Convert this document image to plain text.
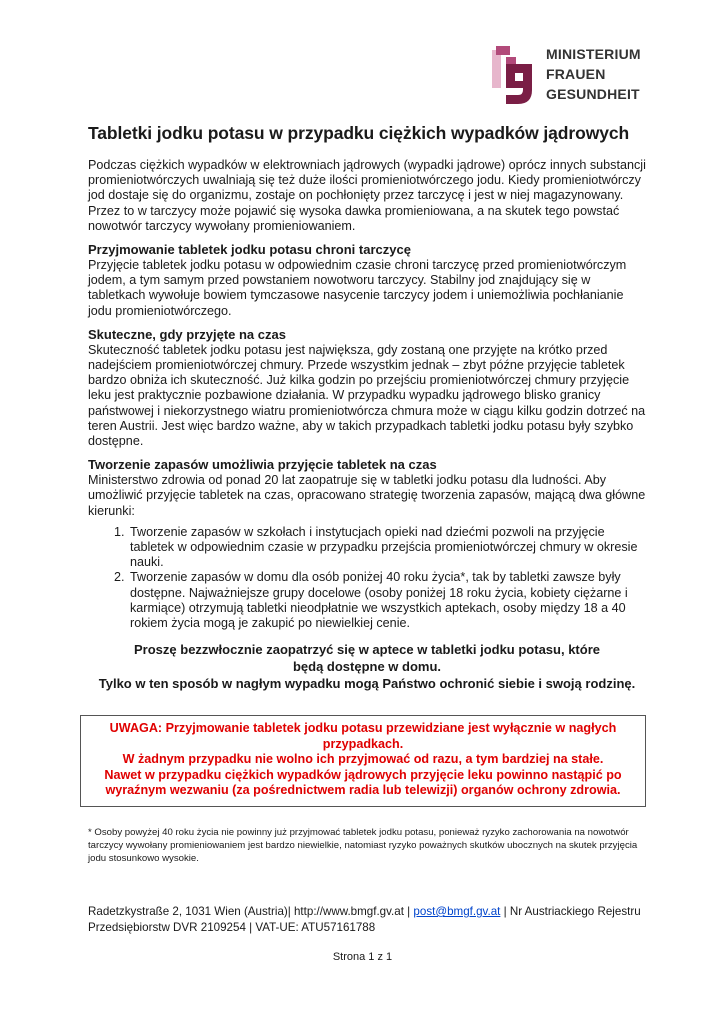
MINISTERIUM
FRAUEN
GESUNDHEIT
Tabletki jodku potasu w przypadku ciężkich wypadków jądrowych

Podczas ciężkich wypadków w elektrowniach jądrowych (wypadki jądrowe) oprócz innych substancji promieniotwórczych uwalniają się też duże ilości promieniotwórczego jodu. Kiedy promieniotwórczy jod dostaje się do organizmu, zostaje on pochłonięty przez tarczycę i jest w niej magazynowany. Przez to w tarczycy może pojawić się wysoka dawka promieniowana, a na skutek tego powstać nowotwór tarczycy wywołany promieniowaniem.

Przyjmowanie tabletek jodku potasu chroni tarczycę

Przyjęcie tabletek jodku potasu w odpowiednim czasie chroni tarczycę przed promieniotwórczym jodem, a tym samym przed powstaniem nowotworu tarczycy. Stabilny jod znajdujący się w tabletkach wywołuje bowiem tymczasowe nasycenie tarczycy jodem i uniemożliwia pochłanianie jodu promieniotwórczego.

Skuteczne, gdy przyjęte na czas

Skuteczność tabletek jodku potasu jest największa, gdy zostaną one przyjęte na krótko przed nadejściem promieniotwórczej chmury. Przede wszystkim jednak – zbyt późne przyjęcie tabletek bardzo obniża ich skuteczność. Już kilka godzin po przejściu promieniotwórczej chmury przyjęcie leku jest praktycznie pozbawione działania. W przypadku wypadku jądrowego blisko granicy państwowej i niekorzystnego wiatru promieniotwórcza chmura może w ciągu kilku godzin dotrzeć na teren Austrii. Jest więc bardzo ważne, aby w takich przypadkach tabletki jodku potasu były szybko dostępne.

Tworzenie zapasów umożliwia przyjęcie tabletek na czas

Ministerstwo zdrowia od ponad 20 lat zaopatruje się w tabletki jodku potasu dla ludności. Aby umożliwić przyjęcie tabletek na czas, opracowano strategię tworzenia zapasów, mającą dwa główne kierunki:

1. Tworzenie zapasów w szkołach i instytucjach opieki nad dziećmi pozwoli na przyjęcie tabletek w odpowiednim czasie w przypadku przejścia promieniotwórczej chmury w okresie nauki.
2. Tworzenie zapasów w domu dla osób poniżej 40 roku życia*, tak by tabletki zawsze były dostępne. Najważniejsze grupy docelowe (osoby poniżej 18 roku życia, kobiety ciężarne i karmiące) otrzymują tabletki nieodpłatnie we wszystkich aptekach, osoby między 18 a 40 rokiem życia mogą je zakupić po niewielkiej cenie.
Proszę bezzwłocznie zaopatrzyć się w aptece w tabletki jodku potasu, które
będą dostępne w domu.
Tylko w ten sposób w nagłym wypadku mogą Państwo ochronić siebie i swoją rodzinę.
UWAGA: Przyjmowanie tabletek jodku potasu przewidziane jest wyłącznie w nagłych przypadkach.
W żadnym przypadku nie wolno ich przyjmować od razu, a tym bardziej na stałe.
Nawet w przypadku ciężkich wypadków jądrowych przyjęcie leku powinno nastąpić po wyraźnym wezwaniu (za pośrednictwem radia lub telewizji) organów ochrony zdrowia.
* Osoby powyżej 40 roku życia nie powinny już przyjmować tabletek jodku potasu, ponieważ ryzyko zachorowania na nowotwór tarczycy wywołany promieniowaniem jest bardzo niewielkie, natomiast ryzyko poważnych skutków ubocznych na skutek przyjęcia jodu stosunkowo wysokie.
Radetzkystraße 2, 1031 Wien (Austria)| http://www.bmgf.gv.at | post@bmgf.gv.at | Nr Austriackiego Rejestru Przedsiębiorstw DVR 2109254 | VAT-UE: ATU57161788
Strona 1 z 1
